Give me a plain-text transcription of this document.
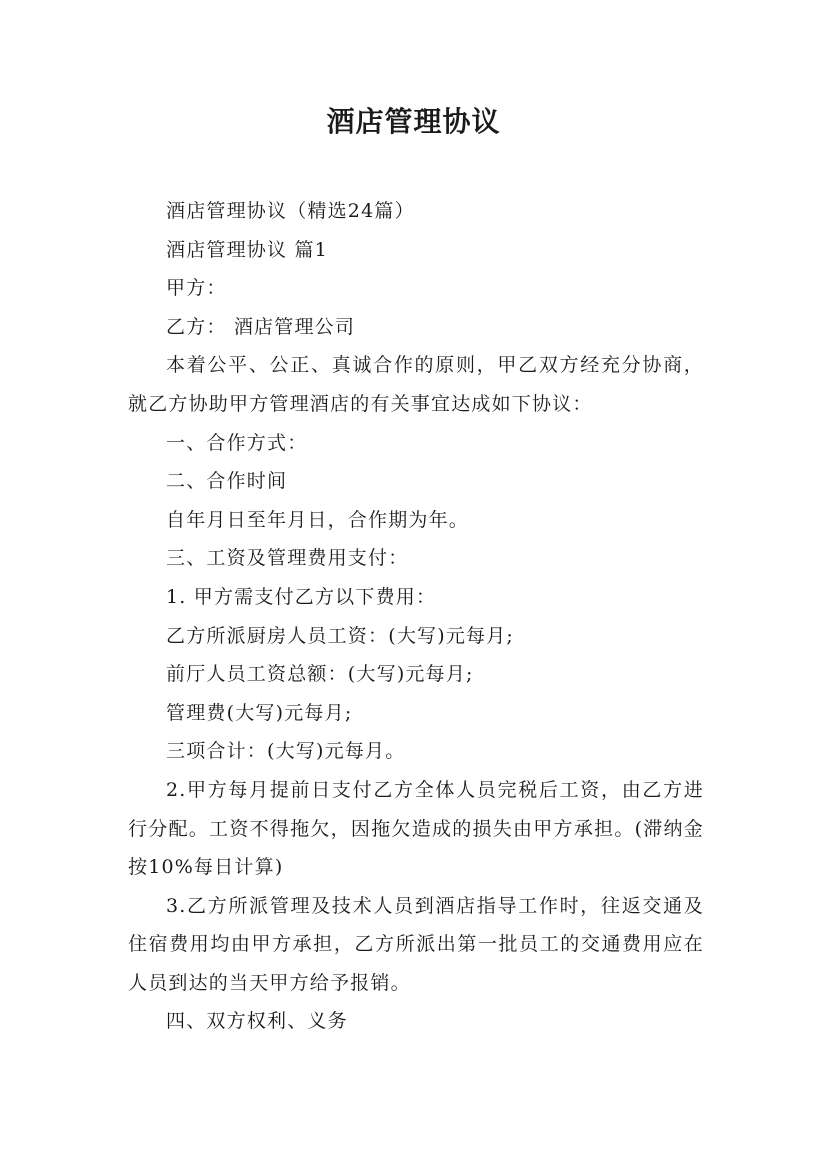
酒店管理协议

酒店管理协议（精选24篇）

酒店管理协议 篇1

甲方：

乙方： 酒店管理公司

本着公平、公正、真诚合作的原则，甲乙双方经充分协商，就乙方协助甲方管理酒店的有关事宜达成如下协议：

一、合作方式：

二、合作时间

自年月日至年月日，合作期为年。

三、工资及管理费用支付：

1. 甲方需支付乙方以下费用：

乙方所派厨房人员工资：(大写)元每月;

前厅人员工资总额：(大写)元每月;

管理费(大写)元每月;

三项合计：(大写)元每月。

2.甲方每月提前日支付乙方全体人员完税后工资，由乙方进行分配。工资不得拖欠，因拖欠造成的损失由甲方承担。(滞纳金按10%每日计算)

3.乙方所派管理及技术人员到酒店指导工作时，往返交通及住宿费用均由甲方承担，乙方所派出第一批员工的交通费用应在人员到达的当天甲方给予报销。

四、双方权利、义务
